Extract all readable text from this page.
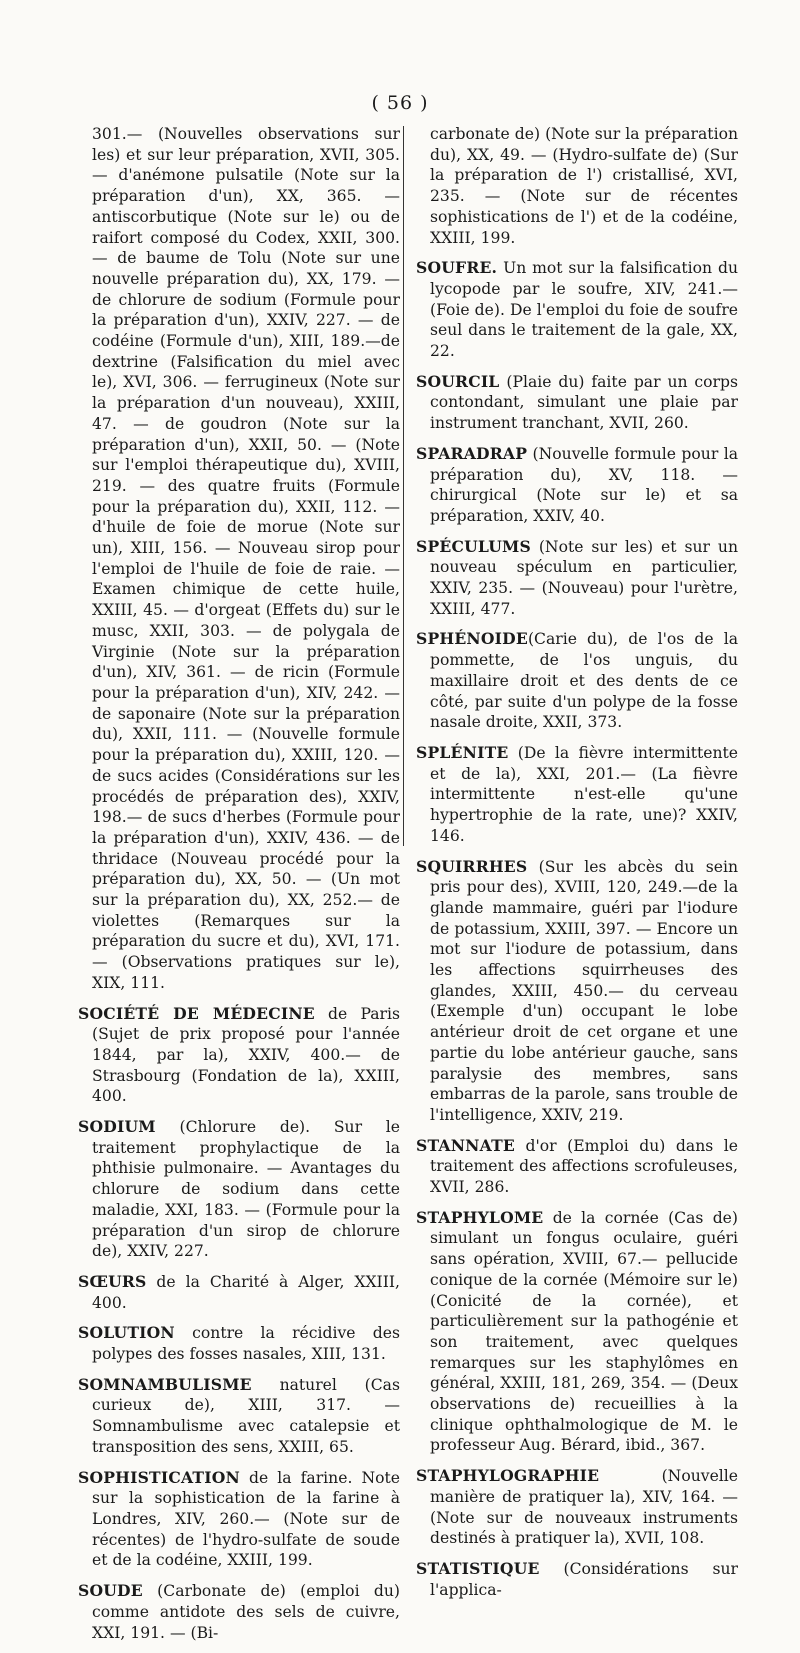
( 56 )

301.— (Nouvelles observations sur les) et sur leur préparation, XVII, 305. — d'anémone pulsatile (Note sur la préparation d'un), XX, 365. — antiscorbutique (Note sur le) ou de raifort composé du Codex, XXII, 300. — de baume de Tolu (Note sur une nouvelle préparation du), XX, 179. — de chlorure de sodium (Formule pour la préparation d'un), XXIV, 227. — de codéine (Formule d'un), XIII, 189.—de dextrine (Falsification du miel avec le), XVI, 306. — ferrugineux (Note sur la préparation d'un nouveau), XXIII, 47. — de goudron (Note sur la préparation d'un), XXII, 50. — (Note sur l'emploi thérapeutique du), XVIII, 219. — des quatre fruits (Formule pour la préparation du), XXII, 112. — d'huile de foie de morue (Note sur un), XIII, 156. — Nouveau sirop pour l'emploi de l'huile de foie de raie. — Examen chimique de cette huile, XXIII, 45. — d'orgeat (Effets du) sur le musc, XXII, 303. — de polygala de Virginie (Note sur la préparation d'un), XIV, 361. — de ricin (Formule pour la préparation d'un), XIV, 242. — de saponaire (Note sur la préparation du), XXII, 111. — (Nouvelle formule pour la préparation du), XXIII, 120. — de sucs acides (Considérations sur les procédés de préparation des), XXIV, 198.— de sucs d'herbes (Formule pour la préparation d'un), XXIV, 436. — de thridace (Nouveau procédé pour la préparation du), XX, 50. — (Un mot sur la préparation du), XX, 252.— de violettes (Remarques sur la préparation du sucre et du), XVI, 171. — (Observations pratiques sur le), XIX, 111.

SOCIÉTÉ DE MÉDECINE de Paris (Sujet de prix proposé pour l'année 1844, par la), XXIV, 400.— de Strasbourg (Fondation de la), XXIII, 400.

SODIUM (Chlorure de). Sur le traitement prophylactique de la phthisie pulmonaire. — Avantages du chlorure de sodium dans cette maladie, XXI, 183. — (Formule pour la préparation d'un sirop de chlorure de), XXIV, 227.

SŒURS de la Charité à Alger, XXIII, 400.

SOLUTION contre la récidive des polypes des fosses nasales, XIII, 131.

SOMNAMBULISME naturel (Cas curieux de), XIII, 317. — Somnambulisme avec catalepsie et transposition des sens, XXIII, 65.

SOPHISTICATION de la farine. Note sur la sophistication de la farine à Londres, XIV, 260.— (Note sur de récentes) de l'hydro-sulfate de soude et de la codéine, XXIII, 199.

SOUDE (Carbonate de) (emploi du) comme antidote des sels de cuivre, XXI, 191. — (Bi-

carbonate de) (Note sur la préparation du), XX, 49. — (Hydro-sulfate de) (Sur la préparation de l') cristallisé, XVI, 235. — (Note sur de récentes sophistications de l') et de la codéine, XXIII, 199.

SOUFRE. Un mot sur la falsification du lycopode par le soufre, XIV, 241.— (Foie de). De l'emploi du foie de soufre seul dans le traitement de la gale, XX, 22.

SOURCIL (Plaie du) faite par un corps contondant, simulant une plaie par instrument tranchant, XVII, 260.

SPARADRAP (Nouvelle formule pour la préparation du), XV, 118. — chirurgical (Note sur le) et sa préparation, XXIV, 40.

SPÉCULUMS (Note sur les) et sur un nouveau spéculum en particulier, XXIV, 235. — (Nouveau) pour l'urètre, XXIII, 477.

SPHÉNOIDE(Carie du), de l'os de la pommette, de l'os unguis, du maxillaire droit et des dents de ce côté, par suite d'un polype de la fosse nasale droite, XXII, 373.

SPLÉNITE (De la fièvre intermittente et de la), XXI, 201.— (La fièvre intermittente n'est-elle qu'une hypertrophie de la rate, une)? XXIV, 146.

SQUIRRHES (Sur les abcès du sein pris pour des), XVIII, 120, 249.—de la glande mammaire, guéri par l'iodure de potassium, XXIII, 397. — Encore un mot sur l'iodure de potassium, dans les affections squirrheuses des glandes, XXIII, 450.— du cerveau (Exemple d'un) occupant le lobe antérieur droit de cet organe et une partie du lobe antérieur gauche, sans paralysie des membres, sans embarras de la parole, sans trouble de l'intelligence, XXIV, 219.

STANNATE d'or (Emploi du) dans le traitement des affections scrofuleuses, XVII, 286.

STAPHYLOME de la cornée (Cas de) simulant un fongus oculaire, guéri sans opération, XVIII, 67.— pellucide conique de la cornée (Mémoire sur le) (Conicité de la cornée), et particulièrement sur la pathogénie et son traitement, avec quelques remarques sur les staphylômes en général, XXIII, 181, 269, 354. — (Deux observations de) recueillies à la clinique ophthalmologique de M. le professeur Aug. Bérard, ibid., 367.

STAPHYLOGRAPHIE (Nouvelle manière de pratiquer la), XIV, 164. — (Note sur de nouveaux instruments destinés à pratiquer la), XVII, 108.

STATISTIQUE (Considérations sur l'applica-
